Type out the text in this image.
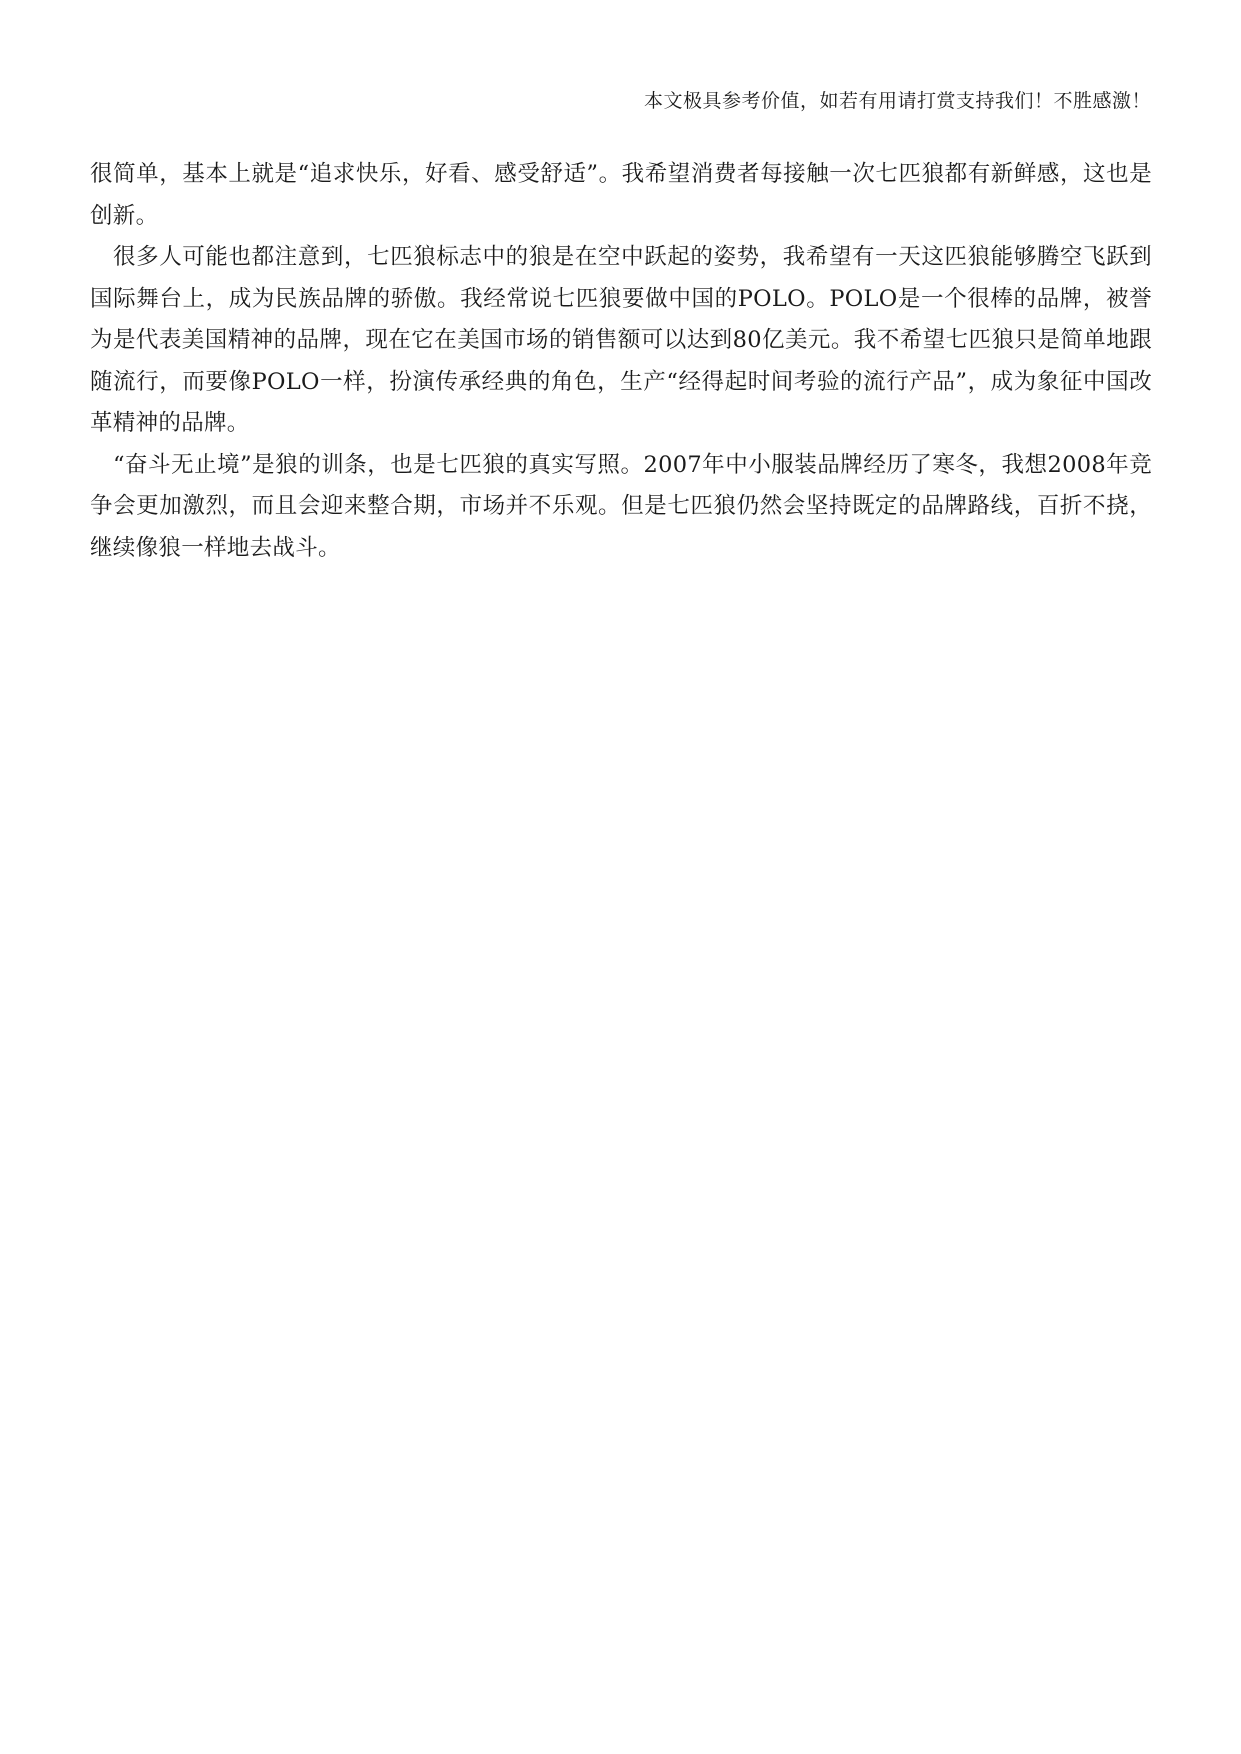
本文极具参考价值，如若有用请打赏支持我们！不胜感激！

很简单，基本上就是“追求快乐，好看、感受舒适”。我希望消费者每接触一次七匹狼都有新鲜感，这也是创新。

很多人可能也都注意到，七匹狼标志中的狼是在空中跃起的姿势，我希望有一天这匹狼能够腾空飞跃到国际舞台上，成为民族品牌的骄傲。我经常说七匹狼要做中国的POLO。POLO是一个很棒的品牌，被誉为是代表美国精神的品牌，现在它在美国市场的销售额可以达到80亿美元。我不希望七匹狼只是简单地跟随流行，而要像POLO一样，扮演传承经典的角色，生产“经得起时间考验的流行产品”，成为象征中国改革精神的品牌。

“奋斗无止境”是狼的训条，也是七匹狼的真实写照。2007年中小服装品牌经历了寒冬，我想2008年竞争会更加激烈，而且会迎来整合期，市场并不乐观。但是七匹狼仍然会坚持既定的品牌路线，百折不挠，继续像狼一样地去战斗。
